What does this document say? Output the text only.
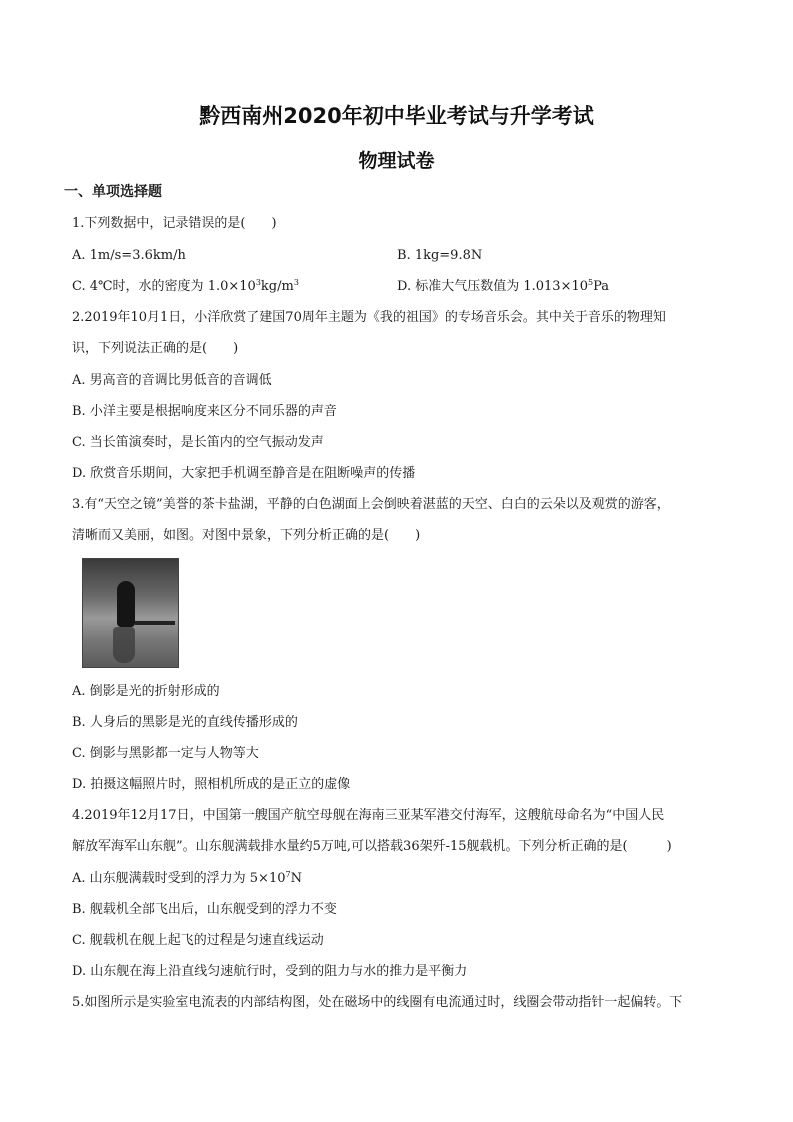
黔西南州2020年初中毕业考试与升学考试
物理试卷
一、单项选择题
1.下列数据中，记录错误的是(　　)
A. 1m/s=3.6km/h	B. 1kg=9.8N
C. 4℃时，水的密度为 $1.0\times 10^3kg/m^3$	D. 标准大气压数值为 $1.013\times 10^5Pa$
2.2019年10月1日，小洋欣赏了建国70周年主题为《我的祖国》的专场音乐会。其中关于音乐的物理知
识，下列说法正确的是(　　)
A. 男高音的音调比男低音的音调低
B. 小洋主要是根据响度来区分不同乐器的声音
C. 当长笛演奏时，是长笛内的空气振动发声
D. 欣赏音乐期间，大家把手机调至静音是在阻断噪声的传播
3.有“天空之镜”美誉的茶卡盐湖，平静的白色湖面上会倒映着湛蓝的天空、白白的云朵以及观赏的游客，
清晰而又美丽，如图。对图中景象，下列分析正确的是(　　)
A. 倒影是光的折射形成的
B. 人身后的黑影是光的直线传播形成的
C. 倒影与黑影都一定与人物等大
D. 拍摄这幅照片时，照相机所成的是正立的虚像
4.2019年12月17日，中国第一艘国产航空母舰在海南三亚某军港交付海军，这艘航母命名为“中国人民
解放军海军山东舰”。山东舰满载排水量约5万吨,可以搭载36架歼-15舰载机。下列分析正确的是(　　　)
A. 山东舰满载时受到的浮力为 $5\times 10^7N$
B. 舰载机全部飞出后，山东舰受到的浮力不变
C. 舰载机在舰上起飞的过程是匀速直线运动
D. 山东舰在海上沿直线匀速航行时，受到的阻力与水的推力是平衡力
5.如图所示是实验室电流表的内部结构图，处在磁场中的线圈有电流通过时，线圈会带动指针一起偏转。下
